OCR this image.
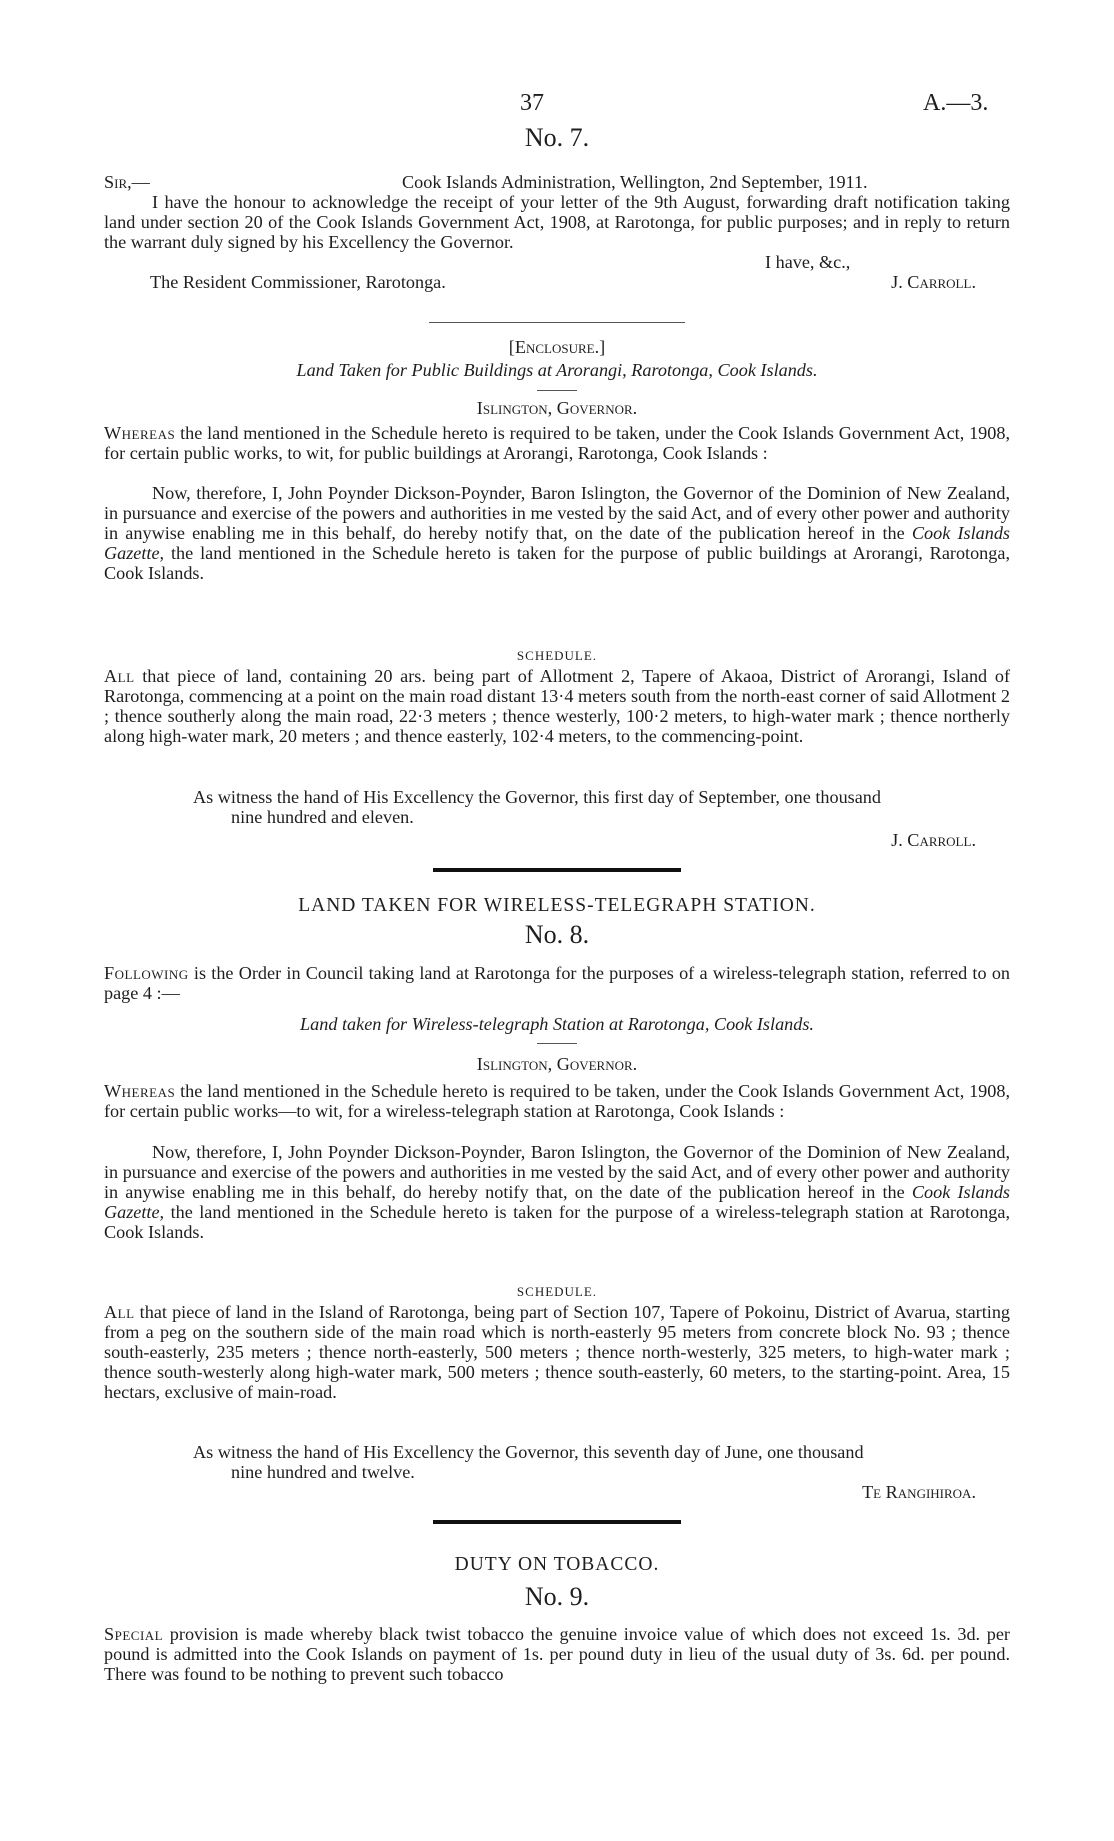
37	A.—3.
No. 7.
Sir,—	Cook Islands Administration, Wellington, 2nd September, 1911.
I have the honour to acknowledge the receipt of your letter of the 9th August, forwarding draft notification taking land under section 20 of the Cook Islands Government Act, 1908, at Rarotonga, for public purposes; and in reply to return the warrant duly signed by his Excellency the Governor.
I have, &c.,
The Resident Commissioner, Rarotonga.	J. Carroll.
[Enclosure.]
Land Taken for Public Buildings at Arorangi, Rarotonga, Cook Islands.
Islington, Governor.
Whereas the land mentioned in the Schedule hereto is required to be taken, under the Cook Islands Government Act, 1908, for certain public works, to wit, for public buildings at Arorangi, Rarotonga, Cook Islands :
Now, therefore, I, John Poynder Dickson-Poynder, Baron Islington, the Governor of the Dominion of New Zealand, in pursuance and exercise of the powers and authorities in me vested by the said Act, and of every other power and authority in anywise enabling me in this behalf, do hereby notify that, on the date of the publication hereof in the Cook Islands Gazette, the land mentioned in the Schedule hereto is taken for the purpose of public buildings at Arorangi, Rarotonga, Cook Islands.
SCHEDULE.
All that piece of land, containing 20 ars. being part of Allotment 2, Tapere of Akaoa, District of Arorangi, Island of Rarotonga, commencing at a point on the main road distant 13·4 meters south from the north-east corner of said Allotment 2 ; thence southerly along the main road, 22·3 meters ; thence westerly, 100·2 meters, to high-water mark ; thence northerly along high-water mark, 20 meters ; and thence easterly, 102·4 meters, to the commencing-point.
As witness the hand of His Excellency the Governor, this first day of September, one thousand
nine hundred and eleven.
J. Carroll.
LAND TAKEN FOR WIRELESS-TELEGRAPH STATION.
No. 8.
Following is the Order in Council taking land at Rarotonga for the purposes of a wireless-telegraph station, referred to on page 4 :—
Land taken for Wireless-telegraph Station at Rarotonga, Cook Islands.
Islington, Governor.
Whereas the land mentioned in the Schedule hereto is required to be taken, under the Cook Islands Government Act, 1908, for certain public works—to wit, for a wireless-telegraph station at Rarotonga, Cook Islands :
Now, therefore, I, John Poynder Dickson-Poynder, Baron Islington, the Governor of the Dominion of New Zealand, in pursuance and exercise of the powers and authorities in me vested by the said Act, and of every other power and authority in anywise enabling me in this behalf, do hereby notify that, on the date of the publication hereof in the Cook Islands Gazette, the land mentioned in the Schedule hereto is taken for the purpose of a wireless-telegraph station at Rarotonga, Cook Islands.
SCHEDULE.
All that piece of land in the Island of Rarotonga, being part of Section 107, Tapere of Pokoinu, District of Avarua, starting from a peg on the southern side of the main road which is north-easterly 95 meters from concrete block No. 93 ; thence south-easterly, 235 meters ; thence north-easterly, 500 meters ; thence north-westerly, 325 meters, to high-water mark ; thence south-westerly along high-water mark, 500 meters ; thence south-easterly, 60 meters, to the starting-point. Area, 15 hectars, exclusive of main-road.
As witness the hand of His Excellency the Governor, this seventh day of June, one thousand
nine hundred and twelve.
Te Rangihiroa.
DUTY ON TOBACCO.
No. 9.
Special provision is made whereby black twist tobacco the genuine invoice value of which does not exceed 1s. 3d. per pound is admitted into the Cook Islands on payment of 1s. per pound duty in lieu of the usual duty of 3s. 6d. per pound. There was found to be nothing to prevent such tobacco
